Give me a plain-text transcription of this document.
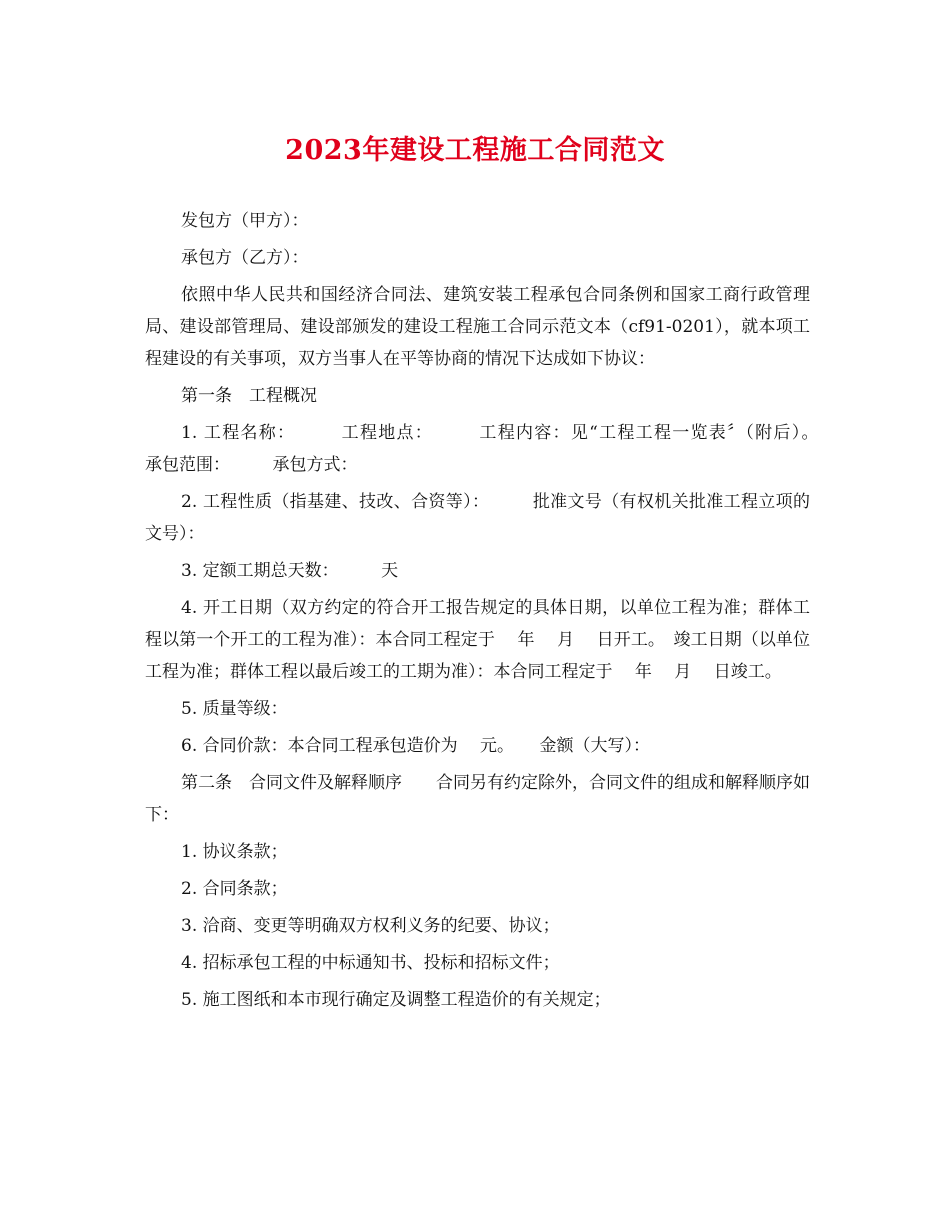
2023年建设工程施工合同范文

发包方（甲方）：

承包方（乙方）：

依照中华人民共和国经济合同法、建筑安装工程承包合同条例和国家工商行政管理局、建设部管理局、建设部颁发的建设工程施工合同示范文本（cf91-0201），就本项工程建设的有关事项，双方当事人在平等协商的情况下达成如下协议：

第一条　工程概况

1. 工程名称：　　　工程地点：　　　工程内容：见“工程工程一览表〞（附后）。　　承包范围：　　　承包方式：

2. 工程性质（指基建、技改、合资等）：　　　批准文号（有权机关批准工程立项的文号）：

3. 定额工期总天数：　　　天

4. 开工日期（双方约定的符合开工报告规定的具体日期，以单位工程为准；群体工程以第一个开工的工程为准）：本合同工程定于　 年　 月　 日开工。　竣工日期（以单位工程为准；群体工程以最后竣工的工期为准）：本合同工程定于　 年　 月　 日竣工。

5. 质量等级：

6. 合同价款：本合同工程承包造价为　 元。　　金额（大写）：

第二条　合同文件及解释顺序　　合同另有约定除外，合同文件的组成和解释顺序如下：

1. 协议条款；

2. 合同条款；

3. 洽商、变更等明确双方权利义务的纪要、协议；

4. 招标承包工程的中标通知书、投标和招标文件；

5. 施工图纸和本市现行确定及调整工程造价的有关规定；
